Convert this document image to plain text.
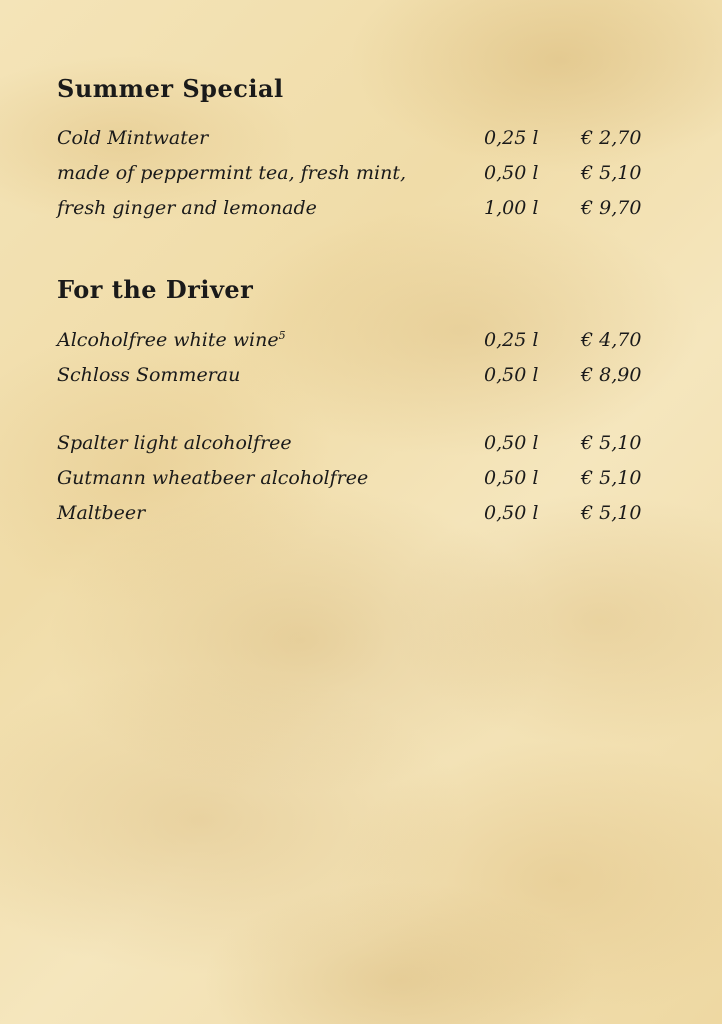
Summer Special
Cold Mintwater	0,25 l € 2,70
made of peppermint tea, fresh mint,	0,50 l € 5,10
fresh ginger and lemonade	1,00 l € 9,70
For the Driver
Alcoholfree white wine$^5$	0,25 l € 4,70
Schloss Sommerau	0,50 l € 8,90
Spalter light alcoholfree	0,50 l € 5,10
Gutmann wheatbeer alcoholfree	0,50 l € 5,10
Maltbeer	0,50 l € 5,10
